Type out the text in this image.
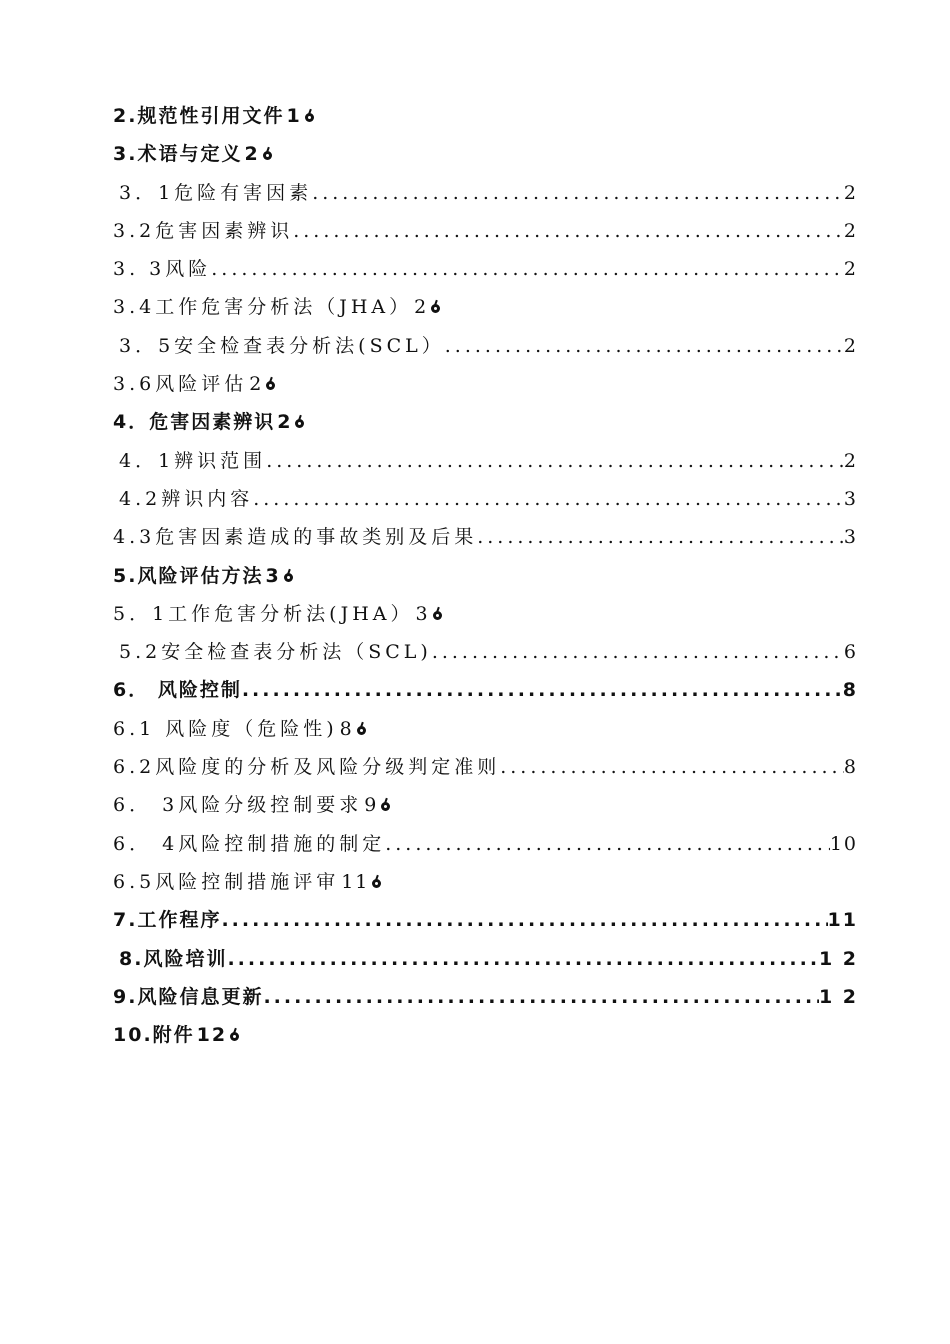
2.规范性引用文件 1
3.术语与定义 2
3．1危险有害因素 .....	2
3.2危害因素辨识 .....	2
3. 3风险 .....	2
3.4工作危害分析法（JHA） 2
3．5安全检查表分析法(SCL） .....	2
3.6风险评估 2
4．危害因素辨识 2
4．1辨识范围 .....	2
4.2辨识内容 .....	3
4.3危害因素造成的事故类别及后果 .....	3
5.风险评估方法 3
5．1工作危害分析法(JHA） 3
5.2安全检查表分析法（SCL) .....	6
6． 风险控制 .....	8
6.1 风险度（危险性) 8
6.2风险度的分析及风险分级判定准则 .....	8
6． 3风险分级控制要求 9
6． 4风险控制措施的制定 .....	10
6.5风险控制措施评审 11
7.工作程序 .....	11
8.风险培训 .....	1 2
9.风险信息更新 .....	1 2
10.附件 12
